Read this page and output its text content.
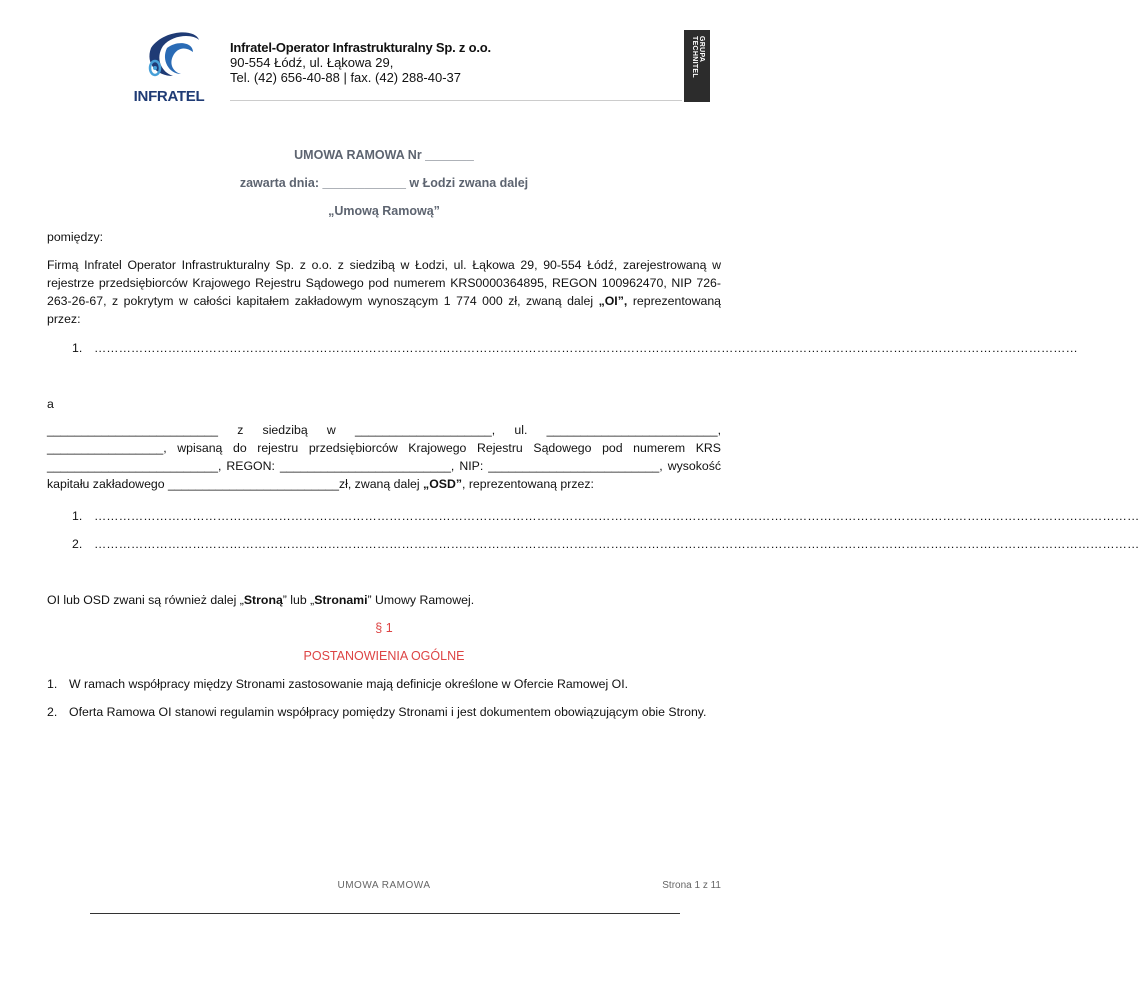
INFRATEL
Infratel-Operator Infrastrukturalny Sp. z o.o.
90-554 Łódź, ul. Łąkowa 29,
Tel. (42) 656-40-88 | fax. (42) 288-40-37
GRUPA TECHNITEL
UMOWA RAMOWA Nr _______
zawarta dnia: ____________ w Łodzi zwana dalej
„Umową Ramową”
pomiędzy:
Firmą Infratel Operator Infrastrukturalny Sp. z o.o. z siedzibą w Łodzi, ul. Łąkowa 29, 90-554 Łódź, zarejestrowaną w rejestrze przedsiębiorców Krajowego Rejestru Sądowego pod numerem KRS0000364895, REGON 100962470, NIP 726-263-26-67, z pokrytym w całości kapitałem zakładowym wynoszącym 1 774 000 zł, zwaną dalej „OI”, reprezentowaną przez:
1. ……………………………………………………………………………………………………………………………………………………………………………………………………………………
a
_________________________ z siedzibą w ____________________, ul. _________________________,
_________________, wpisaną do rejestru przedsiębiorców Krajowego Rejestru Sądowego pod numerem KRS
_________________________, REGON: _________________________, NIP: _________________________, wysokość
kapitału zakładowego _________________________zł, zwaną dalej „OSD”, reprezentowaną przez:
1. …………………………………………………………………………………………………………………………………………………………………………………………………………………………………
2. …………………………………………………………………………………………………………………………………………………………………………………………………………………………………
OI lub OSD zwani są również dalej „Stroną” lub „Stronami” Umowy Ramowej.
§ 1
POSTANOWIENIA OGÓLNE
1. W ramach współpracy między Stronami zastosowanie mają definicje określone w Ofercie Ramowej OI.
2. Oferta Ramowa OI stanowi regulamin współpracy pomiędzy Stronami i jest dokumentem obowiązującym obie Strony.
UMOWA RAMOWA	Strona 1 z 11
